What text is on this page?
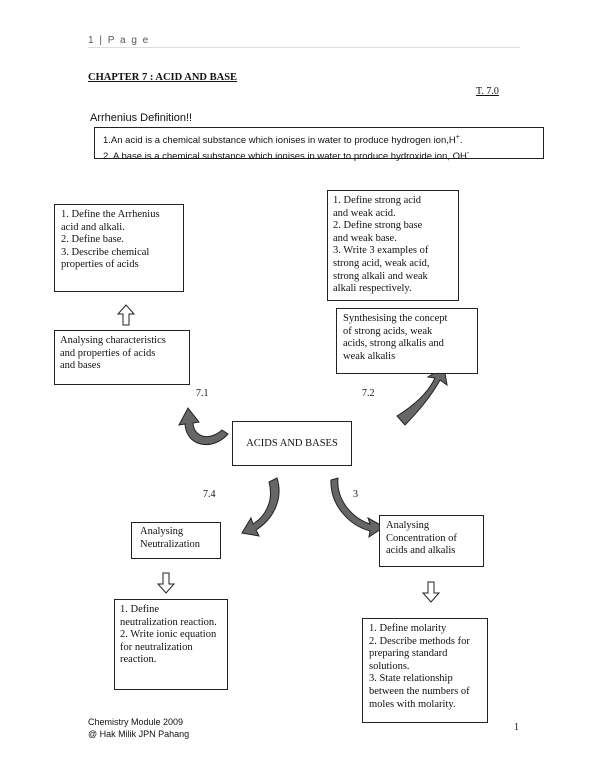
1 | P a g e
CHAPTER 7 : ACID AND BASE
T. 7.0
Arrhenius Definition!!
1.An acid is a chemical substance which ionises in water to produce hydrogen ion,H+.
2. A base is a chemical substance which ionises in water to produce hydroxide ion, OH-
1. Define the Arrhenius
acid and alkali.
2. Define base.
3. Describe chemical
properties of acids
Analysing characteristics
and properties of acids
and bases
7.1
1. Define strong acid
and weak acid.
2. Define strong base
and weak base.
3. Write 3 examples of
strong acid, weak acid,
strong alkali and weak
alkali respectively.
Synthesising the concept
of strong acids, weak
acids, strong alkalis and
weak alkalis
7.2
ACIDS AND BASES
7.4
Analysing
Neutralization
1. Define
neutralization reaction.
2. Write ionic equation
for neutralization
reaction.
3
Analysing
Concentration of
acids and alkalis
1. Define molarity
2. Describe methods for
preparing standard
solutions.
3. State relationship
between the numbers of
moles with molarity.
Chemistry Module 2009
@ Hak Milik JPN Pahang
1
